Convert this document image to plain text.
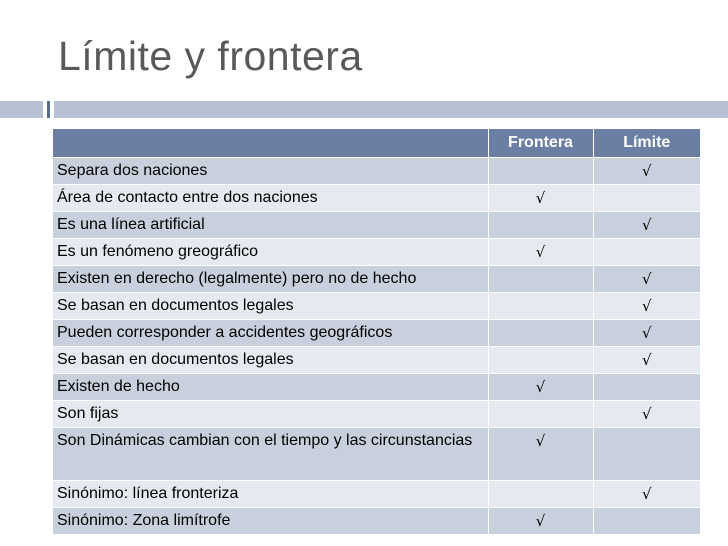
Límite y frontera
	Frontera	Límite
Separa dos naciones		√
Área de contacto entre dos naciones	√	
Es una línea artificial		√
Es un fenómeno greográfico	√	
Existen en derecho (legalmente) pero no de hecho		√
Se basan en documentos legales		√
Pueden corresponder a accidentes geográficos		√
Se basan en documentos legales		√
Existen de hecho	√	
Son fijas		√
Son Dinámicas cambian con el tiempo y las circunstancias	√	
Sinónimo: línea fronteriza		√
Sinónimo: Zona limítrofe	√	
